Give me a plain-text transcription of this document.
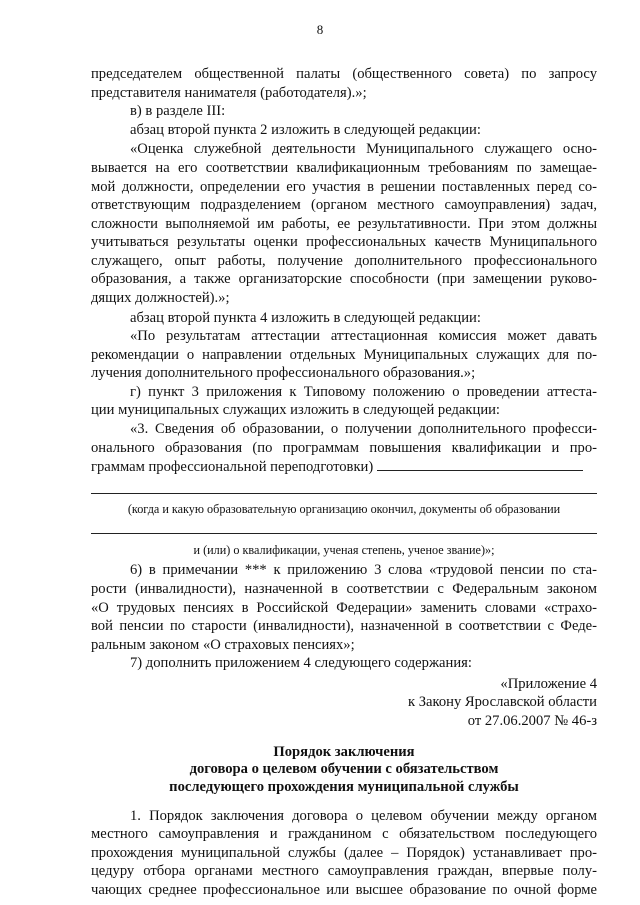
8
председателем общественной палаты (общественного совета) по запросу
представителя нанимателя (работодателя).»;
в) в разделе III:
абзац второй пункта 2 изложить в следующей редакции:
«Оценка служебной деятельности Муниципального служащего осно-
вывается на его соответствии квалификационным требованиям по замещае-
мой должности, определении его участия в решении поставленных перед со-
ответствующим подразделением (органом местного самоуправления) задач,
сложности выполняемой им работы, ее результативности. При этом должны
учитываться результаты оценки профессиональных качеств Муниципального
служащего, опыт работы, получение дополнительного профессионального
образования, а также организаторские способности (при замещении руково-
дящих должностей).»;
абзац второй пункта 4 изложить в следующей редакции:
«По результатам аттестации аттестационная комиссия может давать
рекомендации о направлении отдельных Муниципальных служащих для по-
лучения дополнительного профессионального образования.»;
г) пункт 3 приложения к Типовому положению о проведении аттеста-
ции муниципальных служащих изложить в следующей редакции:
«3. Сведения об образовании, о получении дополнительного професси-
онального образования (по программам повышения квалификации и про-
граммам профессиональной переподготовки)
(когда и какую образовательную организацию окончил, документы об образовании
и (или) о квалификации, ученая степень, ученое звание)»;
6) в примечании *** к приложению 3 слова «трудовой пенсии по ста-
рости (инвалидности), назначенной в соответствии с Федеральным законом
«О трудовых пенсиях в Российской Федерации» заменить словами «страхо-
вой пенсии по старости (инвалидности), назначенной в соответствии с Феде-
ральным законом «О страховых пенсиях»;
7) дополнить приложением 4 следующего содержания:
«Приложение 4
к Закону Ярославской области
от 27.06.2007 № 46-з
Порядок заключения
договора о целевом обучении с обязательством
последующего прохождения муниципальной службы
1. Порядок заключения договора о целевом обучении между органом
местного самоуправления и гражданином с обязательством последующего
прохождения муниципальной службы (далее – Порядок) устанавливает про-
цедуру отбора органами местного самоуправления граждан, впервые полу-
чающих среднее профессиональное или высшее образование по очной форме
